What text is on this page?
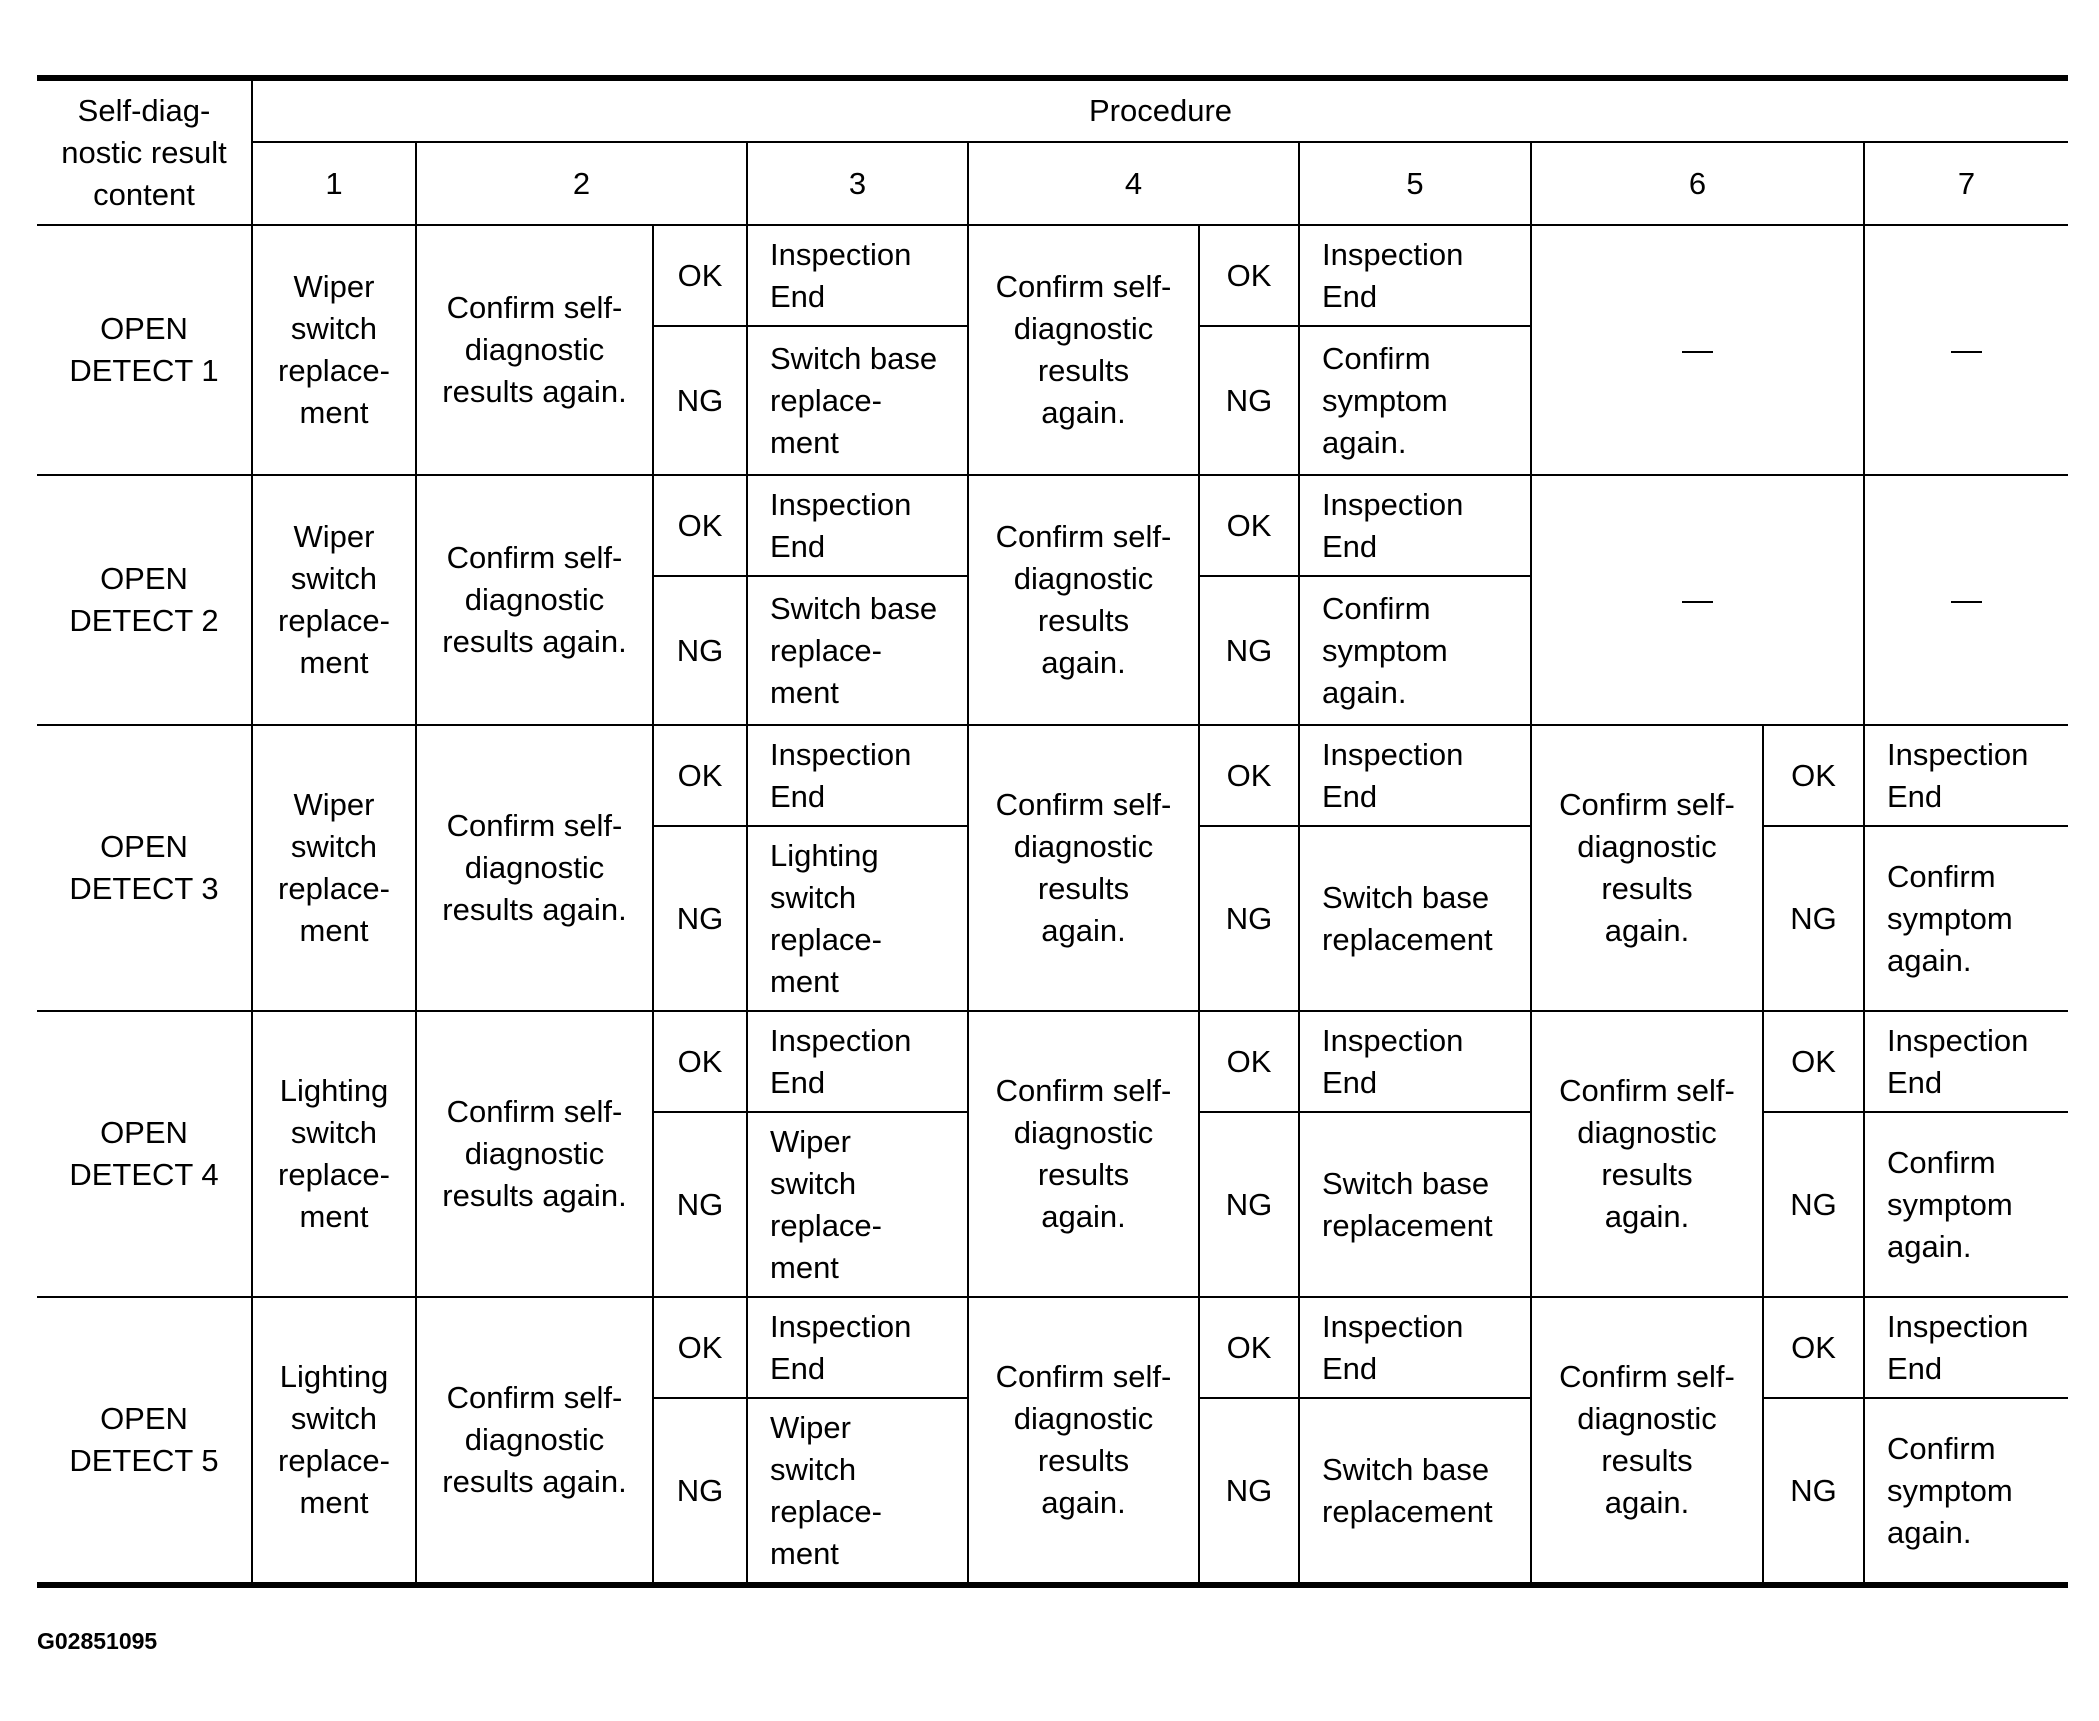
Self-diag-
nostic result
content	Procedure									
	1	2		3	4		5	6		7
OPEN
DETECT 1	Wiper
switch
replace-
ment	Confirm self-
diagnostic
results again.	OK	Inspection
End	Confirm self-
diagnostic
results
again.	OK	Inspection
End	—		—
			NG	Switch base
replace-
ment		NG	Confirm
symptom
again.			
OPEN
DETECT 2	Wiper
switch
replace-
ment	Confirm self-
diagnostic
results again.	OK	Inspection
End	Confirm self-
diagnostic
results
again.	OK	Inspection
End	—		—
			NG	Switch base
replace-
ment		NG	Confirm
symptom
again.			
OPEN
DETECT 3	Wiper
switch
replace-
ment	Confirm self-
diagnostic
results again.	OK	Inspection
End	Confirm self-
diagnostic
results
again.	OK	Inspection
End	Confirm self-
diagnostic
results
again.	OK	Inspection
End
			NG	Lighting
switch
replace-
ment		NG	Switch base
replacement		NG	Confirm
symptom
again.
OPEN
DETECT 4	Lighting
switch
replace-
ment	Confirm self-
diagnostic
results again.	OK	Inspection
End	Confirm self-
diagnostic
results
again.	OK	Inspection
End	Confirm self-
diagnostic
results
again.	OK	Inspection
End
			NG	Wiper
switch
replace-
ment		NG	Switch base
replacement		NG	Confirm
symptom
again.
OPEN
DETECT 5	Lighting
switch
replace-
ment	Confirm self-
diagnostic
results again.	OK	Inspection
End	Confirm self-
diagnostic
results
again.	OK	Inspection
End	Confirm self-
diagnostic
results
again.	OK	Inspection
End
			NG	Wiper
switch
replace-
ment		NG	Switch base
replacement		NG	Confirm
symptom
again.
G02851095
